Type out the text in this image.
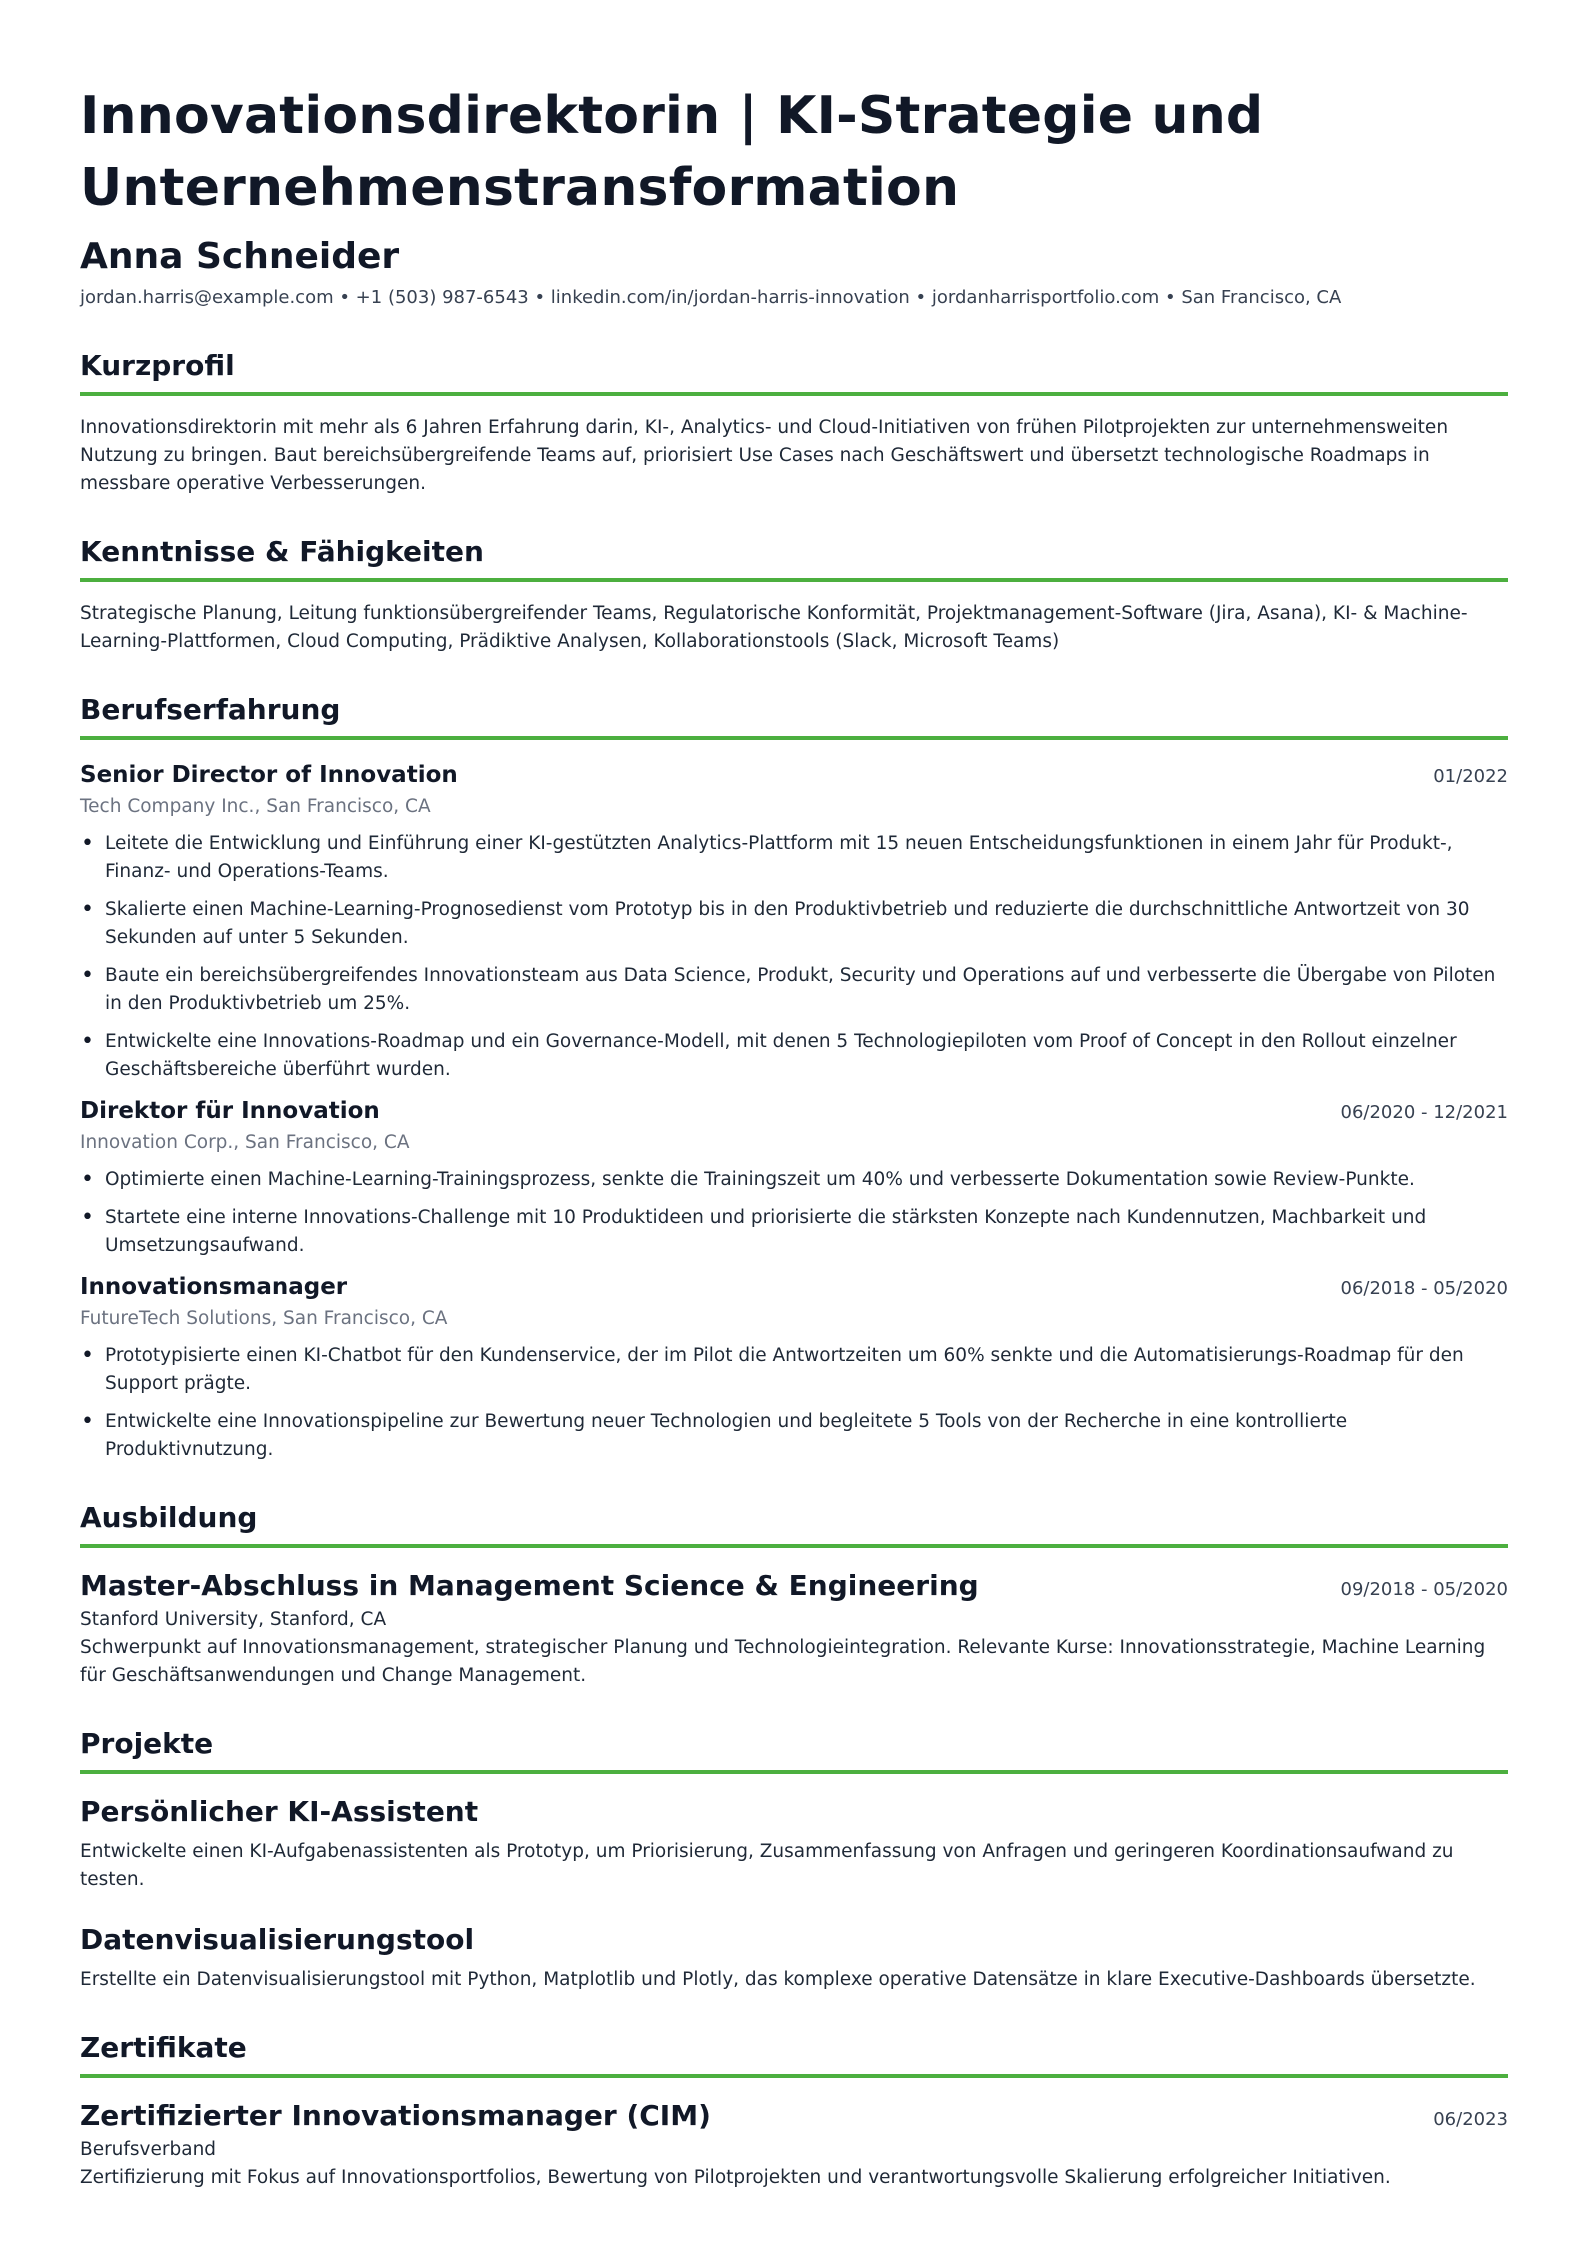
Innovationsdirektorin | KI-Strategie und
Unternehmenstransformation
Anna Schneider
jordan.harris@example.com • +1 (503) 987-6543 • linkedin.com/in/jordan-harris-innovation • jordanharrisportfolio.com • San Francisco, CA
Kurzprofil

Innovationsdirektorin mit mehr als 6 Jahren Erfahrung darin, KI-, Analytics- und Cloud-Initiativen von frühen Pilotprojekten zur unternehmensweiten Nutzung zu bringen. Baut bereichsübergreifende Teams auf, priorisiert Use Cases nach Geschäftswert und übersetzt technologische Roadmaps in messbare operative Verbesserungen.

Kenntnisse & Fähigkeiten

Strategische Planung, Leitung funktionsübergreifender Teams, Regulatorische Konformität, Projektmanagement-Software (Jira, Asana), KI- & Machine-Learning-Plattformen, Cloud Computing, Prädiktive Analysen, Kollaborationstools (Slack, Microsoft Teams)

Berufserfahrung
Senior Director of Innovation	01/2022
Tech Company Inc., San Francisco, CA
• Leitete die Entwicklung und Einführung einer KI-gestützten Analytics-Plattform mit 15 neuen Entscheidungsfunktionen in einem Jahr für Produkt-, Finanz- und Operations-Teams.
• Skalierte einen Machine-Learning-Prognosedienst vom Prototyp bis in den Produktivbetrieb und reduzierte die durchschnittliche Antwortzeit von 30 Sekunden auf unter 5 Sekunden.
• Baute ein bereichsübergreifendes Innovationsteam aus Data Science, Produkt, Security und Operations auf und verbesserte die Übergabe von Piloten in den Produktivbetrieb um 25%.
• Entwickelte eine Innovations-Roadmap und ein Governance-Modell, mit denen 5 Technologiepiloten vom Proof of Concept in den Rollout einzelner Geschäftsbereiche überführt wurden.
Direktor für Innovation	06/2020 - 12/2021
Innovation Corp., San Francisco, CA
• Optimierte einen Machine-Learning-Trainingsprozess, senkte die Trainingszeit um 40% und verbesserte Dokumentation sowie Review-Punkte.
• Startete eine interne Innovations-Challenge mit 10 Produktideen und priorisierte die stärksten Konzepte nach Kundennutzen, Machbarkeit und Umsetzungsaufwand.
Innovationsmanager	06/2018 - 05/2020
FutureTech Solutions, San Francisco, CA
• Prototypisierte einen KI-Chatbot für den Kundenservice, der im Pilot die Antwortzeiten um 60% senkte und die Automatisierungs-Roadmap für den Support prägte.
• Entwickelte eine Innovationspipeline zur Bewertung neuer Technologien und begleitete 5 Tools von der Recherche in eine kontrollierte Produktivnutzung.
Ausbildung
Master-Abschluss in Management Science & Engineering	09/2018 - 05/2020
Stanford University, Stanford, CA

Schwerpunkt auf Innovationsmanagement, strategischer Planung und Technologieintegration. Relevante Kurse: Innovationsstrategie, Machine Learning für Geschäftsanwendungen und Change Management.

Projekte
Persönlicher KI-Assistent

Entwickelte einen KI-Aufgabenassistenten als Prototyp, um Priorisierung, Zusammenfassung von Anfragen und geringeren Koordinationsaufwand zu testen.

Datenvisualisierungstool

Erstellte ein Datenvisualisierungstool mit Python, Matplotlib und Plotly, das komplexe operative Datensätze in klare Executive-Dashboards übersetzte.

Zertifikate
Zertifizierter Innovationsmanager (CIM)	06/2023
Berufsverband

Zertifizierung mit Fokus auf Innovationsportfolios, Bewertung von Pilotprojekten und verantwortungsvolle Skalierung erfolgreicher Initiativen.
